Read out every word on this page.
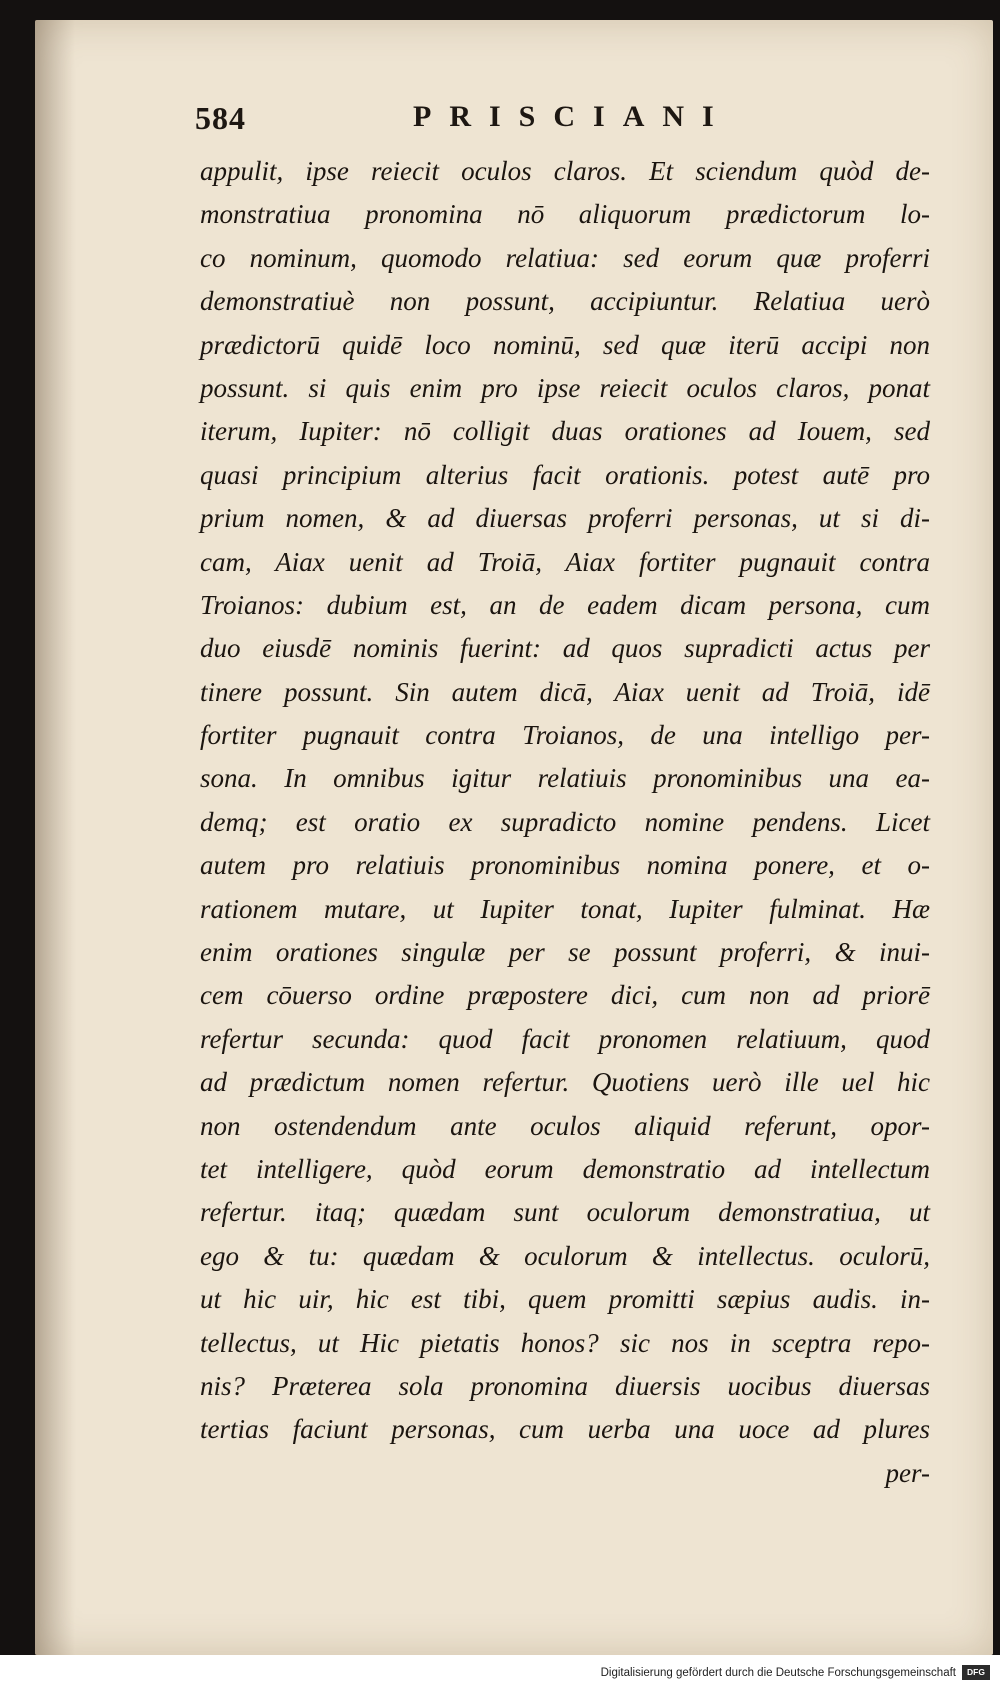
584	PRISCIANI
appulit, ipse reiecit oculos claros. Et sciendum quòd de-
monstratiua pronomina nō aliquorum prædictorum lo-
co nominum, quomodo relatiua: sed eorum quæ proferri
demonstratiuè non possunt, accipiuntur. Relatiua uerò
prædictorū quidē loco nominū, sed quæ iterū accipi non
possunt. si quis enim pro ipse reiecit oculos claros, ponat
iterum, Iupiter: nō colligit duas orationes ad Iouem, sed
quasi principium alterius facit orationis. potest autē pro
prium nomen, & ad diuersas proferri personas, ut si di-
cam, Aiax uenit ad Troiā, Aiax fortiter pugnauit contra
Troianos: dubium est, an de eadem dicam persona, cum
duo eiusdē nominis fuerint: ad quos supradicti actus per
tinere possunt. Sin autem dicā, Aiax uenit ad Troiā, idē
fortiter pugnauit contra Troianos, de una intelligo per-
sona. In omnibus igitur relatiuis pronominibus una ea-
demq; est oratio ex supradicto nomine pendens. Licet
autem pro relatiuis pronominibus nomina ponere, et o-
rationem mutare, ut Iupiter tonat, Iupiter fulminat. Hæ
enim orationes singulæ per se possunt proferri, & inui-
cem cōuerso ordine præpostere dici, cum non ad priorē
refertur secunda: quod facit pronomen relatiuum, quod
ad prædictum nomen refertur. Quotiens uerò ille uel hic
non ostendendum ante oculos aliquid referunt, opor-
tet intelligere, quòd eorum demonstratio ad intellectum
refertur. itaq; quædam sunt oculorum demonstratiua, ut
ego & tu: quædam & oculorum & intellectus. oculorū,
ut hic uir, hic est tibi, quem promitti sæpius audis. in-
tellectus, ut Hic pietatis honos? sic nos in sceptra repo-
nis? Præterea sola pronomina diuersis uocibus diuersas
tertias faciunt personas, cum uerba una uoce ad plures
per-
Digitalisierung gefördert durch die Deutsche Forschungsgemeinschaft	DFG
